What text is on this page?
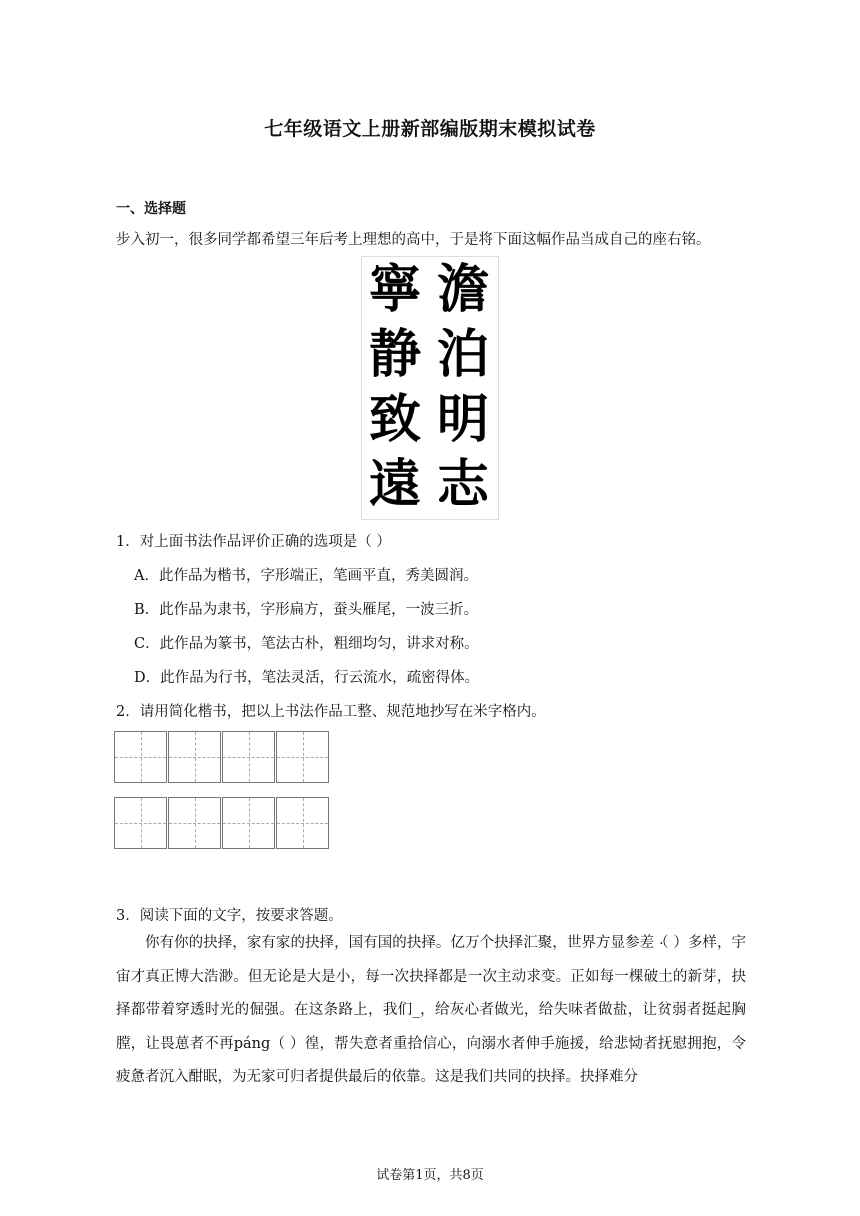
七年级语文上册新部编版期末模拟试卷
一、选择题
步入初一，很多同学都希望三年后考上理想的高中，于是将下面这幅作品当成自己的座右铭。
澹
泊
明
志
寧
静
致
遠
1．对上面书法作品评价正确的选项是（ ）
A．此作品为楷书，字形端正，笔画平直，秀美圆润。
B．此作品为隶书，字形扁方，蚕头雁尾，一波三折。
C．此作品为篆书，笔法古朴，粗细均匀，讲求对称。
D．此作品为行书，笔法灵活，行云流水，疏密得体。
2．请用简化楷书，把以上书法作品工整、规范地抄写在米字格内。
3．阅读下面的文字，按要求答题。

你有你的抉择，家有家的抉择，国有国的抉择。亿万个抉择汇聚，世界方显参差 ·（ ）多样，宇宙才真正博大浩渺。但无论是大是小，每一次抉择都是一次主动求变。正如每一棵破土的新芽，抉择都带着穿透时光的倔强。在这条路上，我们_，给灰心者做光，给失味者做盐，让贫弱者挺起胸膛，让畏葸者不再páng（ ）徨，帮失意者重拾信心，向溺水者伸手施援，给悲恸者抚慰拥抱，令疲惫者沉入酣眠，为无家可归者提供最后的依靠。这是我们共同的抉择。抉择难分

试卷第1页，共8页
